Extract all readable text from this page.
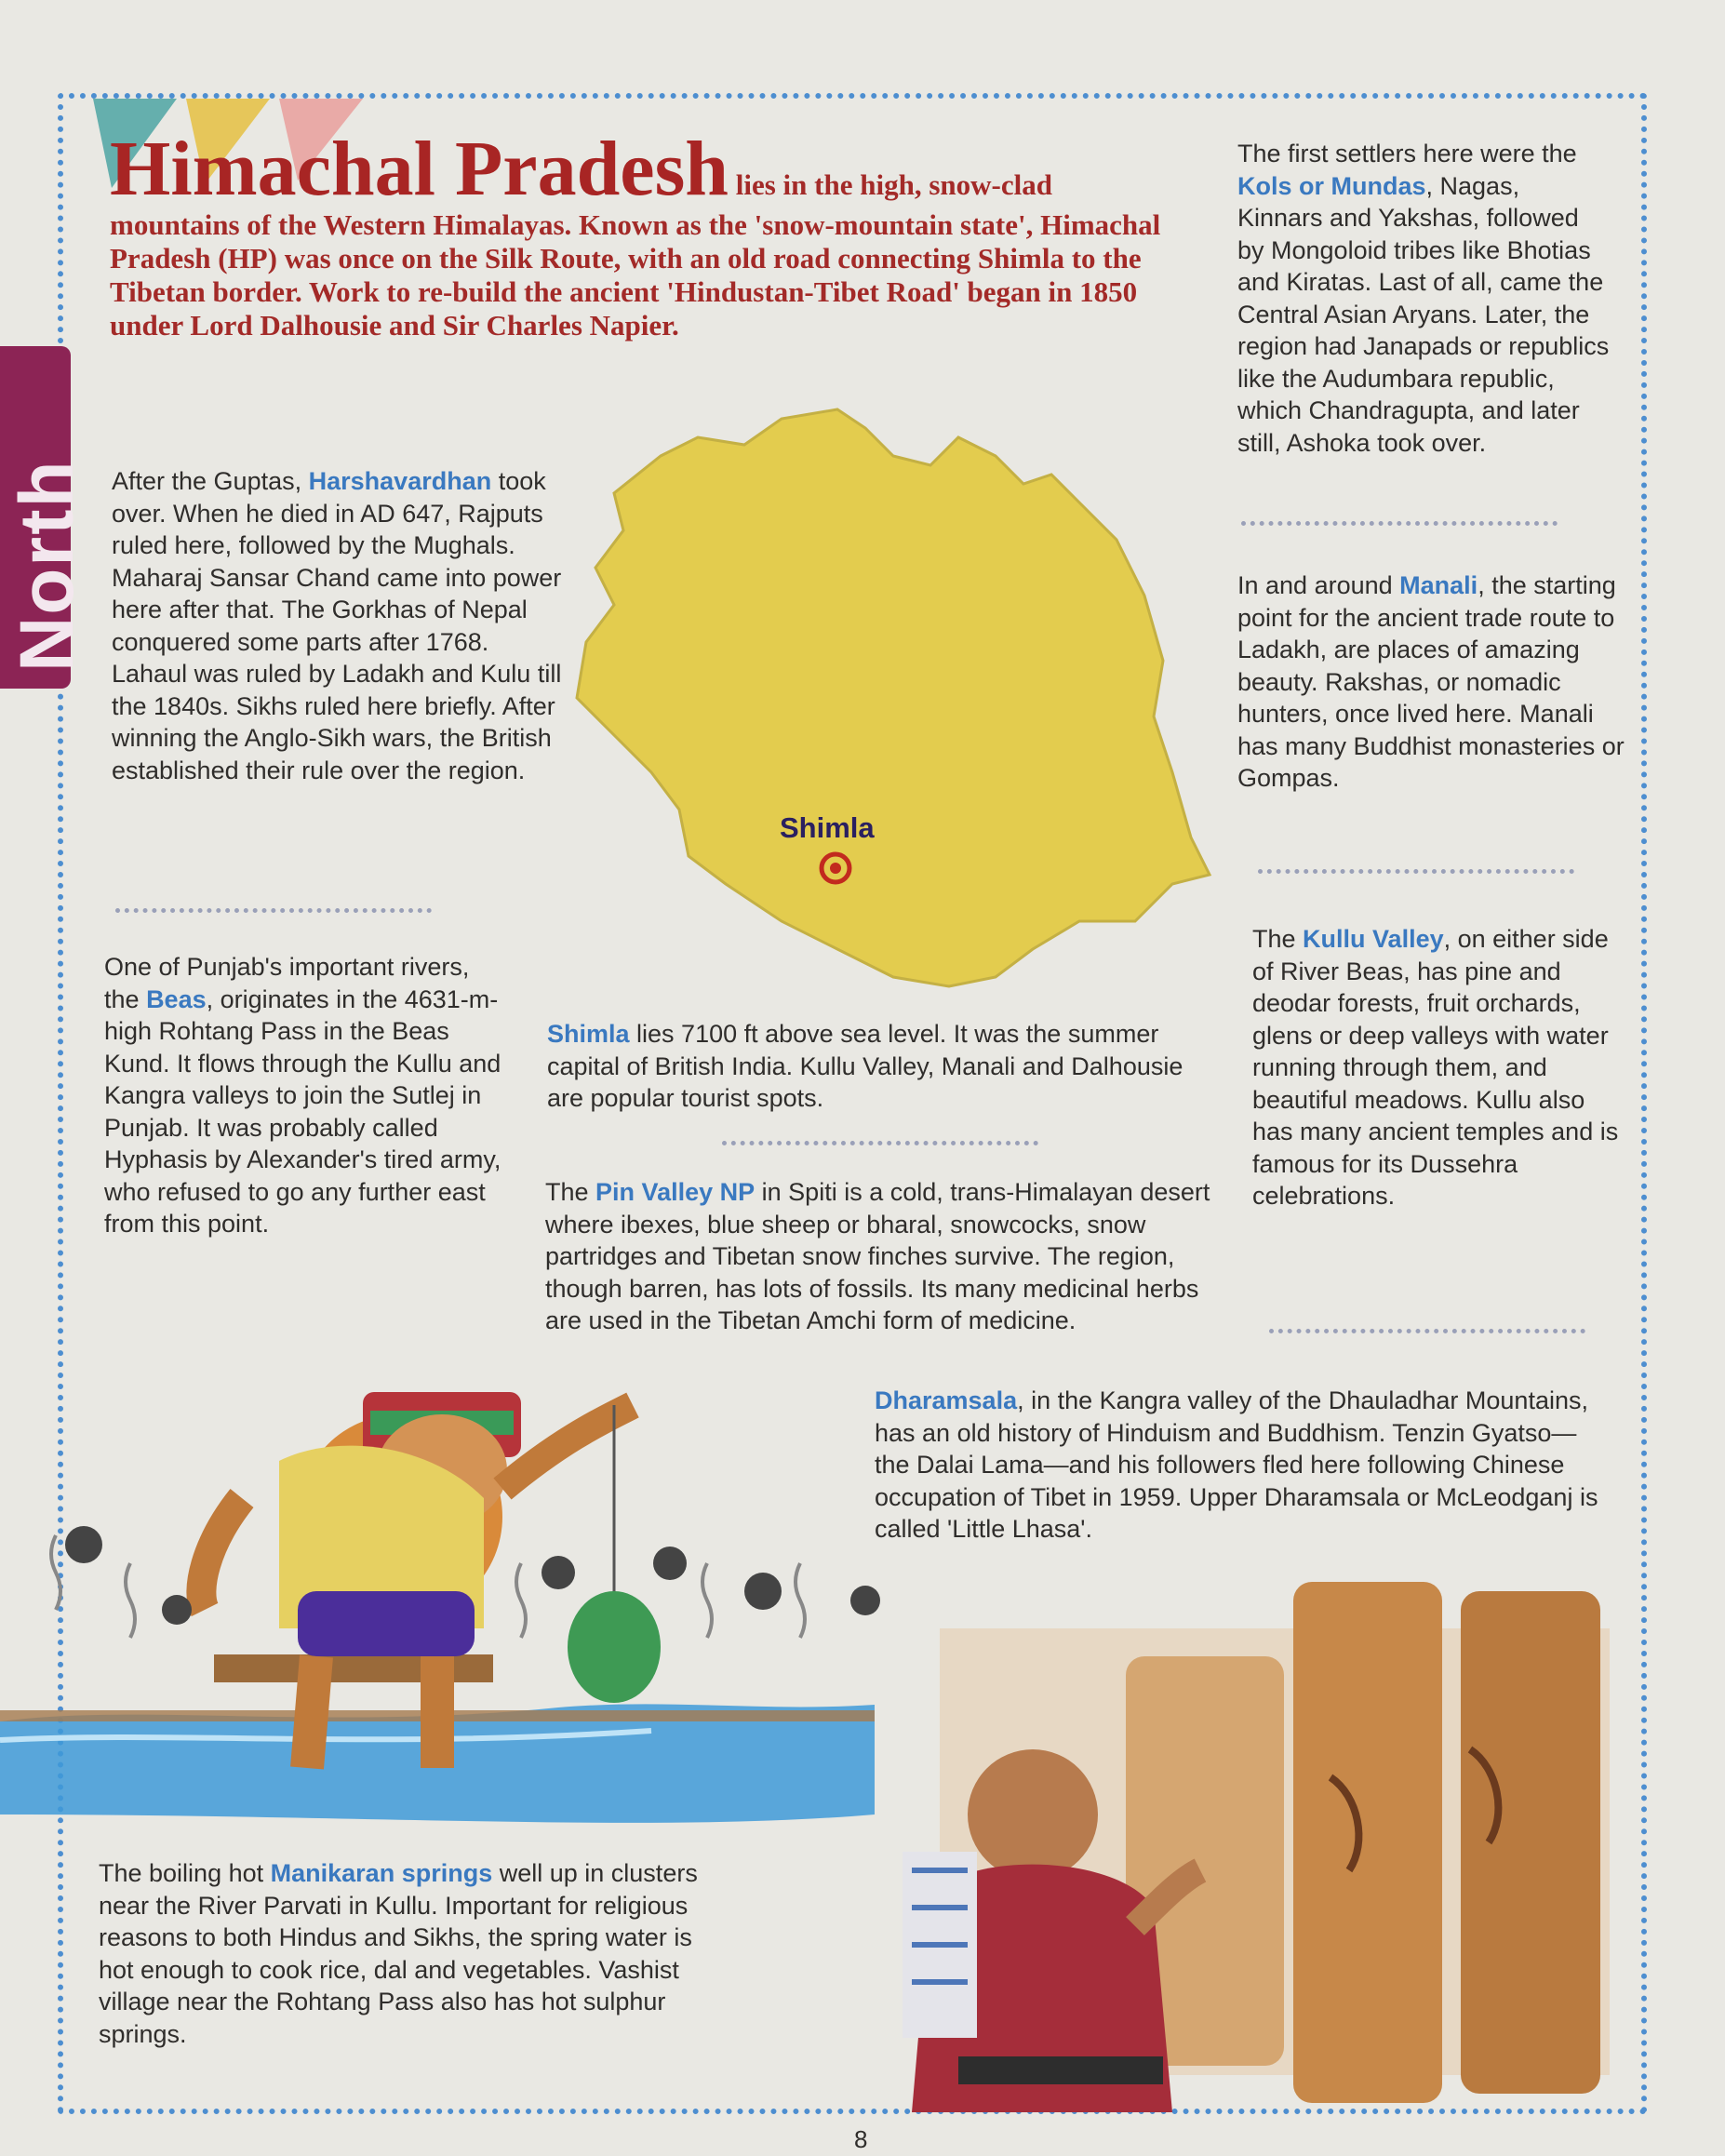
North
Himachal Pradesh lies in the high, snow-clad mountains of the Western Himalayas. Known as the 'snow-mountain state', Himachal Pradesh (HP) was once on the Silk Route, with an old road connecting Shimla to the Tibetan border. Work to re-build the ancient 'Hindustan-Tibet Road' began in 1850 under Lord Dalhousie and Sir Charles Napier.
Shimla
The first settlers here were the Kols or Mundas, Nagas, Kinnars and Yakshas, followed by Mongoloid tribes like Bhotias and Kiratas. Last of all, came the Central Asian Aryans. Later, the region had Janapads or republics like the Audumbara republic, which Chandragupta, and later still, Ashoka took over.
After the Guptas, Harshavardhan took over. When he died in AD 647, Rajputs ruled here, followed by the Mughals. Maharaj Sansar Chand came into power here after that. The Gorkhas of Nepal conquered some parts after 1768. Lahaul was ruled by Ladakh and Kulu till the 1840s. Sikhs ruled here briefly. After winning the Anglo-Sikh wars, the British established their rule over the region.
In and around Manali, the starting point for the ancient trade route to Ladakh, are places of amazing beauty. Rakshas, or nomadic hunters, once lived here. Manali has many Buddhist monasteries or Gompas.
The Kullu Valley, on either side of River Beas, has pine and deodar forests, fruit orchards, glens or deep valleys with water running through them, and beautiful meadows. Kullu also has many ancient temples and is famous for its Dussehra celebrations.
One of Punjab's important rivers, the Beas, originates in the 4631-m-high Rohtang Pass in the Beas Kund. It flows through the Kullu and Kangra valleys to join the Sutlej in Punjab. It was probably called Hyphasis by Alexander's tired army, who refused to go any further east from this point.
Shimla lies 7100 ft above sea level. It was the summer capital of British India. Kullu Valley, Manali and Dalhousie are popular tourist spots.
The Pin Valley NP in Spiti is a cold, trans-Himalayan desert where ibexes, blue sheep or bharal, snowcocks, snow partridges and Tibetan snow finches survive. The region, though barren, has lots of fossils. Its many medicinal herbs are used in the Tibetan Amchi form of medicine.
Dharamsala, in the Kangra valley of the Dhauladhar Mountains, has an old history of Hinduism and Buddhism. Tenzin Gyatso—the Dalai Lama—and his followers fled here following Chinese occupation of Tibet in 1959. Upper Dharamsala or McLeodganj is called 'Little Lhasa'.
The boiling hot Manikaran springs well up in clusters near the River Parvati in Kullu. Important for religious reasons to both Hindus and Sikhs, the spring water is hot enough to cook rice, dal and vegetables. Vashist village near the Rohtang Pass also has hot sulphur springs.
8
